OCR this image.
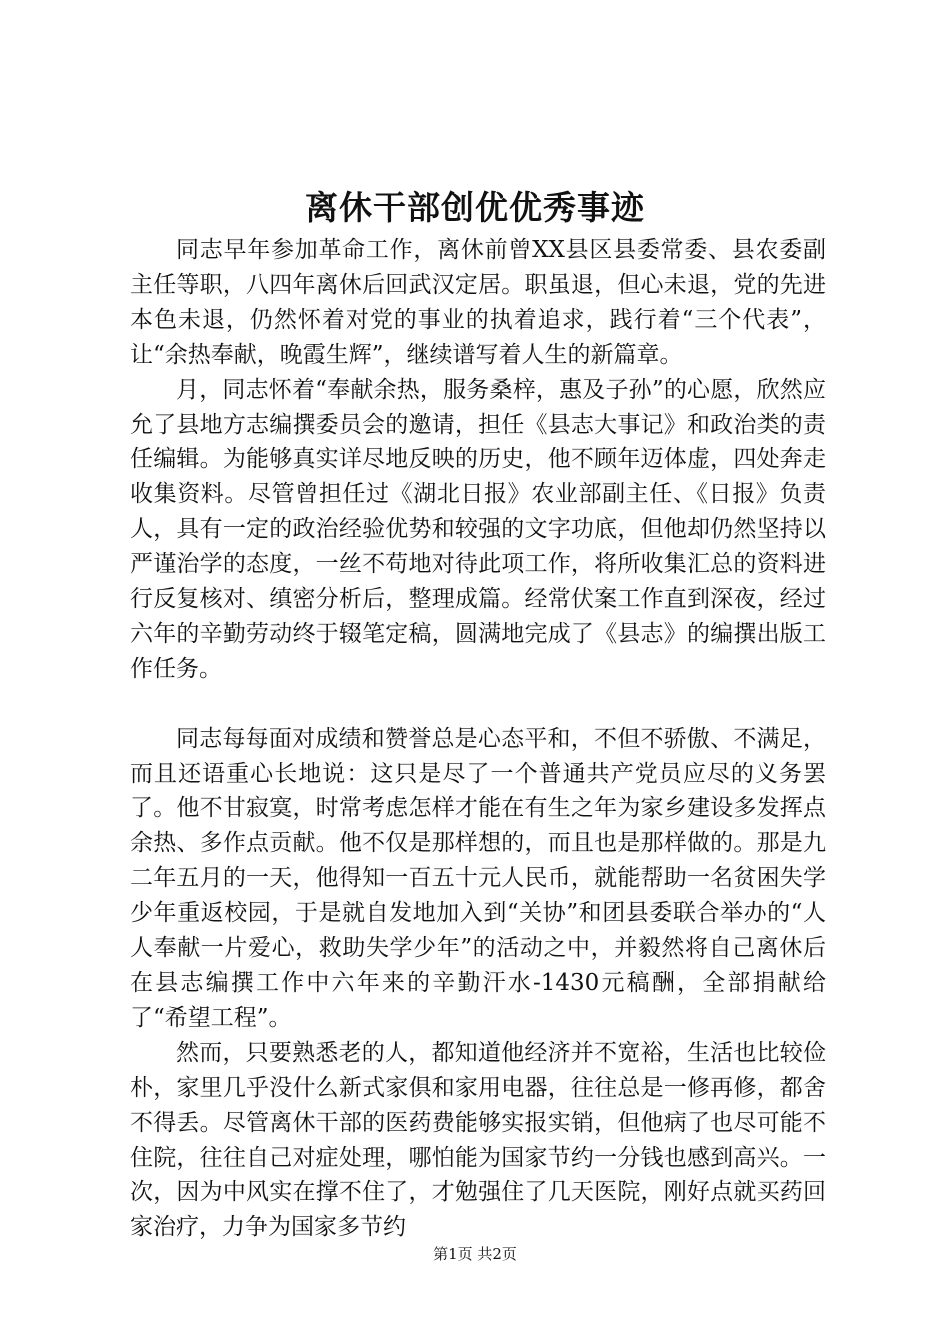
离休干部创优优秀事迹

同志早年参加革命工作，离休前曾XX县区县委常委、县农委副主任等职，八四年离休后回武汉定居。职虽退，但心未退，党的先进本色未退，仍然怀着对党的事业的执着追求，践行着“三个代表”，让“余热奉献，晚霞生辉”，继续谱写着人生的新篇章。

月，同志怀着“奉献余热，服务桑梓，惠及子孙”的心愿，欣然应允了县地方志编撰委员会的邀请，担任《县志大事记》和政治类的责任编辑。为能够真实详尽地反映的历史，他不顾年迈体虚，四处奔走收集资料。尽管曾担任过《湖北日报》农业部副主任、《日报》负责人，具有一定的政治经验优势和较强的文字功底，但他却仍然坚持以严谨治学的态度，一丝不苟地对待此项工作，将所收集汇总的资料进行反复核对、缜密分析后，整理成篇。经常伏案工作直到深夜，经过六年的辛勤劳动终于辍笔定稿，圆满地完成了《县志》的编撰出版工作任务。

同志每每面对成绩和赞誉总是心态平和，不但不骄傲、不满足，而且还语重心长地说：这只是尽了一个普通共产党员应尽的义务罢了。他不甘寂寞，时常考虑怎样才能在有生之年为家乡建设多发挥点余热、多作点贡献。他不仅是那样想的，而且也是那样做的。那是九二年五月的一天，他得知一百五十元人民币，就能帮助一名贫困失学少年重返校园，于是就自发地加入到“关协”和团县委联合举办的“人人奉献一片爱心，救助失学少年”的活动之中，并毅然将自己离休后在县志编撰工作中六年来的辛勤汗水-1430元稿酬，全部捐献给了“希望工程”。

然而，只要熟悉老的人，都知道他经济并不宽裕，生活也比较俭朴，家里几乎没什么新式家俱和家用电器，往往总是一修再修，都舍不得丢。尽管离休干部的医药费能够实报实销，但他病了也尽可能不住院，往往自己对症处理，哪怕能为国家节约一分钱也感到高兴。一次，因为中风实在撑不住了，才勉强住了几天医院，刚好点就买药回家治疗，力争为国家多节约

第1页 共2页
